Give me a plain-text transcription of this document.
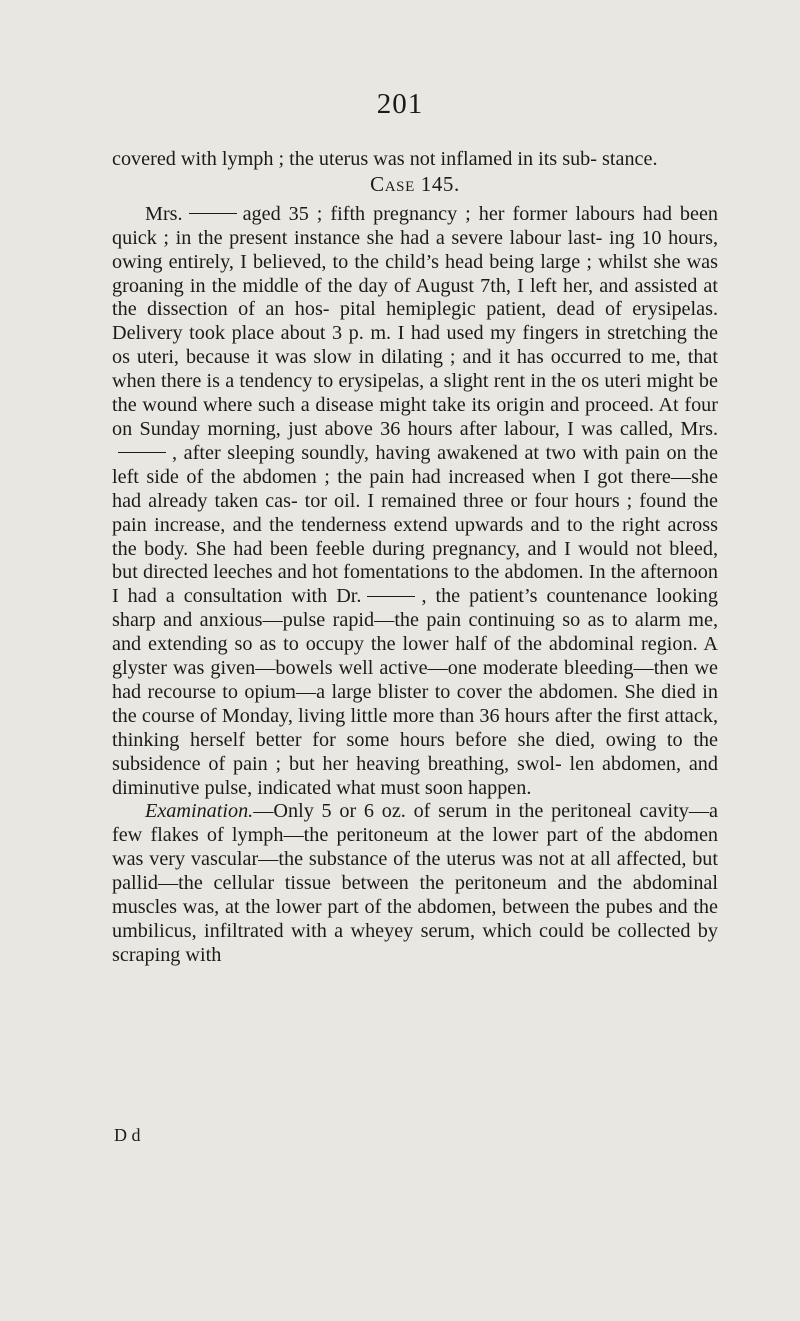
201

covered with lymph ; the uterus was not inflamed in its sub- stance.

Case 145.

Mrs.	aged 35 ; fifth pregnancy ; her former labours had been quick ; in the present instance she had a severe labour last- ing 10 hours, owing entirely, I believed, to the child’s head being large ; whilst she was groaning in the middle of the day of August 7th, I left her, and assisted at the dissection of an hos- pital hemiplegic patient, dead of erysipelas. Delivery took place about 3 p. m. I had used my fingers in stretching the os uteri, because it was slow in dilating ; and it has occurred to me, that when there is a tendency to erysipelas, a slight rent in the os uteri might be the wound where such a disease might take its origin and proceed. At four on Sunday morning, just above 36 hours after labour, I was called, Mrs., after sleeping soundly, having awakened at two with pain on the left side of the abdomen ; the pain had increased when I got there—she had already taken cas- tor oil. I remained three or four hours ; found the pain increase, and the tenderness extend upwards and to the right across the body. She had been feeble during pregnancy, and I would not bleed, but directed leeches and hot fomentations to the abdomen. In the afternoon I had a consultation with Dr.	, the patient’s countenance looking sharp and anxious—pulse rapid—the pain continuing so as to alarm me, and extending so as to occupy the lower half of the abdominal region. A glyster was given—bowels well active—one moderate bleeding—then we had recourse to opium—a large blister to cover the abdomen. She died in the course of Monday, living little more than 36 hours after the first attack, thinking herself better for some hours before she died, owing to the subsidence of pain ; but her heaving breathing, swol- len abdomen, and diminutive pulse, indicated what must soon happen.

Examination.—Only 5 or 6 oz. of serum in the peritoneal cavity—a few flakes of lymph—the peritoneum at the lower part of the abdomen was very vascular—the substance of the uterus was not at all affected, but pallid—the cellular tissue between the peritoneum and the abdominal muscles was, at the lower part of the abdomen, between the pubes and the umbilicus, infiltrated with a wheyey serum, which could be collected by scraping with

D d
